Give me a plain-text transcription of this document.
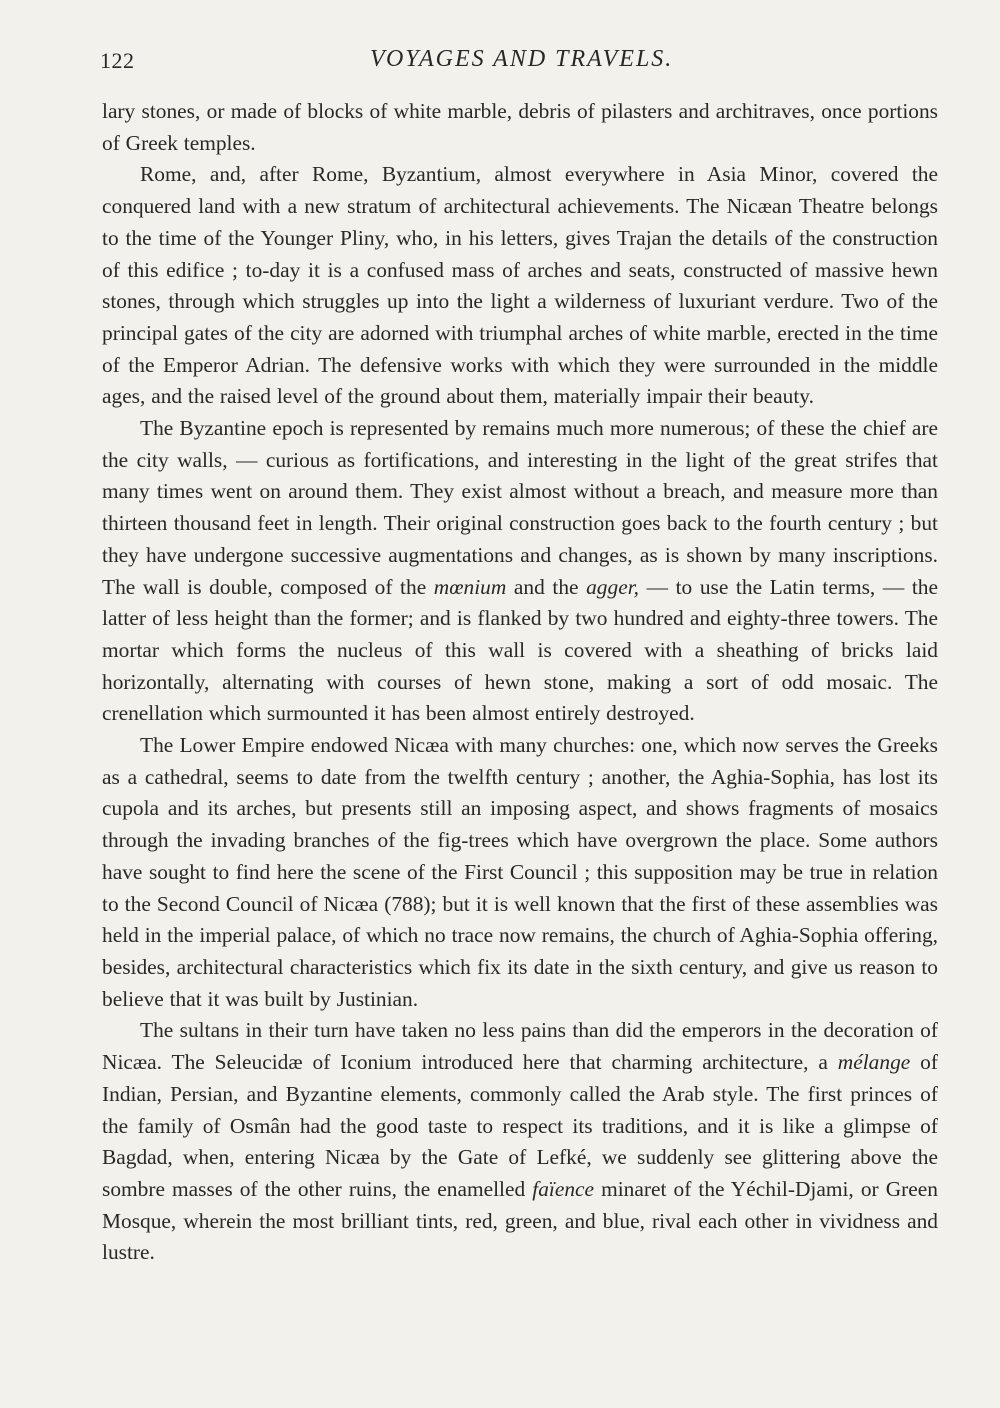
122	VOYAGES AND TRAVELS.

lary stones, or made of blocks of white marble, debris of pilasters and architraves, once portions of Greek temples.

Rome, and, after Rome, Byzantium, almost everywhere in Asia Minor, covered the conquered land with a new stratum of architectural achievements. The Nicæan Theatre belongs to the time of the Younger Pliny, who, in his letters, gives Trajan the details of the construction of this edifice ; to-day it is a confused mass of arches and seats, constructed of massive hewn stones, through which struggles up into the light a wilderness of luxuriant verdure. Two of the principal gates of the city are adorned with triumphal arches of white marble, erected in the time of the Emperor Adrian. The defensive works with which they were surrounded in the middle ages, and the raised level of the ground about them, materially impair their beauty.

The Byzantine epoch is represented by remains much more numerous; of these the chief are the city walls, — curious as fortifications, and interesting in the light of the great strifes that many times went on around them. They exist almost without a breach, and measure more than thirteen thousand feet in length. Their original construction goes back to the fourth century ; but they have undergone successive augmentations and changes, as is shown by many inscriptions. The wall is double, composed of the mœnium and the agger, — to use the Latin terms, — the latter of less height than the former; and is flanked by two hundred and eighty-three towers. The mortar which forms the nucleus of this wall is covered with a sheathing of bricks laid horizontally, alternating with courses of hewn stone, making a sort of odd mosaic. The crenellation which surmounted it has been almost entirely destroyed.

The Lower Empire endowed Nicæa with many churches: one, which now serves the Greeks as a cathedral, seems to date from the twelfth century ; another, the Aghia-Sophia, has lost its cupola and its arches, but presents still an imposing aspect, and shows fragments of mosaics through the invading branches of the fig-trees which have overgrown the place. Some authors have sought to find here the scene of the First Council ; this supposition may be true in relation to the Second Council of Nicæa (788); but it is well known that the first of these assemblies was held in the imperial palace, of which no trace now remains, the church of Aghia-Sophia offering, besides, architectural characteristics which fix its date in the sixth century, and give us reason to believe that it was built by Justinian.

The sultans in their turn have taken no less pains than did the emperors in the decoration of Nicæa. The Seleucidæ of Iconium introduced here that charming architecture, a mélange of Indian, Persian, and Byzantine elements, commonly called the Arab style. The first princes of the family of Osmân had the good taste to respect its traditions, and it is like a glimpse of Bagdad, when, entering Nicæa by the Gate of Lefké, we suddenly see glittering above the sombre masses of the other ruins, the enamelled faïence minaret of the Yéchil-Djami, or Green Mosque, wherein the most brilliant tints, red, green, and blue, rival each other in vividness and lustre.
